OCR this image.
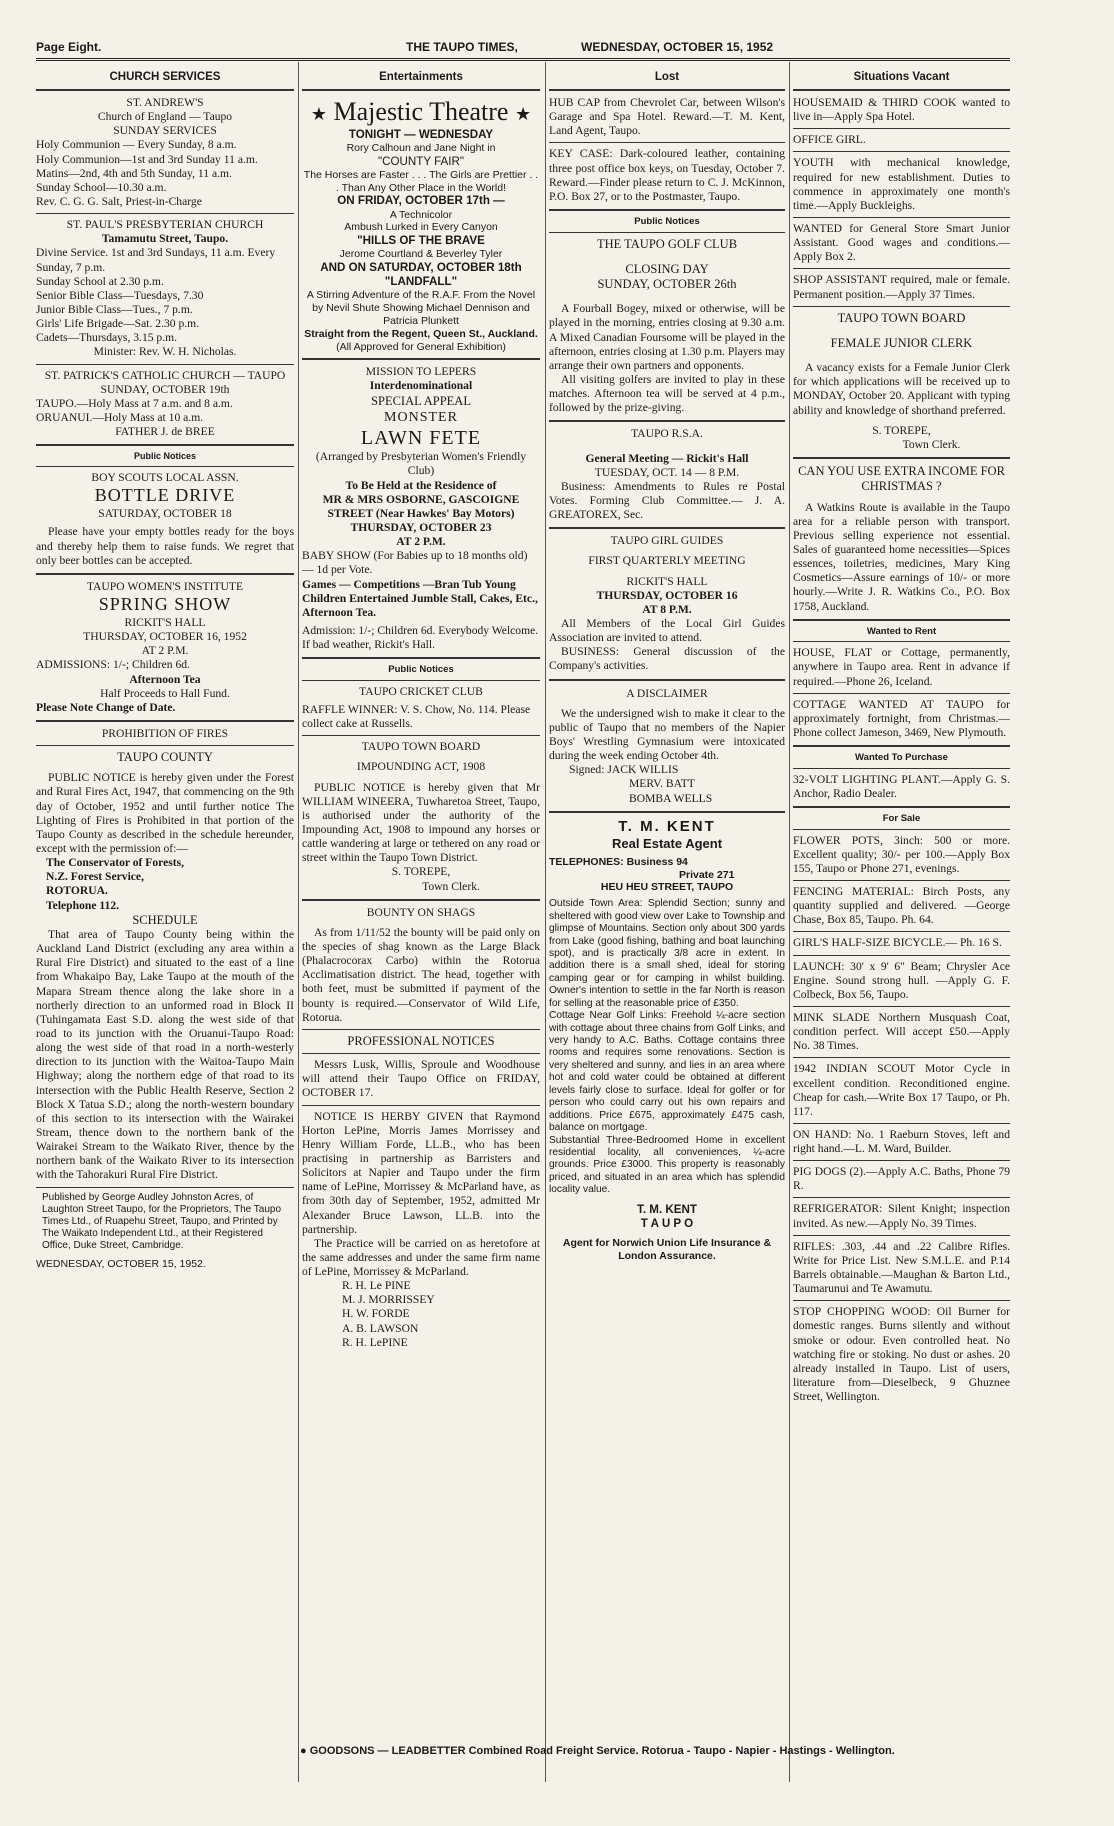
Page Eight.	THE TAUPO TIMES,	WEDNESDAY, OCTOBER 15, 1952
CHURCH SERVICES

ST. ANDREW'S

Church of England — Taupo

SUNDAY SERVICES

Holy Communion — Every Sunday, 8 a.m.

Holy Communion—1st and 3rd Sunday 11 a.m.

Matins—2nd, 4th and 5th Sunday, 11 a.m.

Sunday School—10.30 a.m.

Rev. C. G. G. Salt, Priest-in-Charge

ST. PAUL'S PRESBYTERIAN CHURCH

Tamamutu Street, Taupo.

Divine Service. 1st and 3rd Sundays, 11 a.m. Every Sunday, 7 p.m.

Sunday School at 2.30 p.m.

Senior Bible Class—Tuesdays, 7.30

Junior Bible Class—Tues., 7 p.m.

Girls' Life Brigade—Sat. 2.30 p.m.

Cadets—Thursdays, 3.15 p.m.

Minister: Rev. W. H. Nicholas.

ST. PATRICK'S CATHOLIC CHURCH — TAUPO

SUNDAY, OCTOBER 19th

TAUPO.—Holy Mass at 7 a.m. and 8 a.m.

ORUANUI.—Holy Mass at 10 a.m.

FATHER J. de BREE

Public Notices

BOY SCOUTS LOCAL ASSN.

BOTTLE DRIVE

SATURDAY, OCTOBER 18

Please have your empty bottles ready for the boys and thereby help them to raise funds. We regret that only beer bottles can be accepted.

TAUPO WOMEN'S INSTITUTE

SPRING SHOW

RICKIT'S HALL

THURSDAY, OCTOBER 16, 1952

AT 2 P.M.

ADMISSIONS: 1/-; Children 6d.

Afternoon Tea

Half Proceeds to Hall Fund.

Please Note Change of Date.

PROHIBITION OF FIRES

TAUPO COUNTY

PUBLIC NOTICE is hereby given under the Forest and Rural Fires Act, 1947, that commencing on the 9th day of October, 1952 and until further notice The Lighting of Fires is Prohibited in that portion of the Taupo County as described in the schedule hereunder, except with the permission of:—

The Conservator of Forests,

N.Z. Forest Service,

ROTORUA.

Telephone 112.

SCHEDULE

That area of Taupo County being within the Auckland Land District (excluding any area within a Rural Fire District) and situated to the east of a line from Whakaipo Bay, Lake Taupo at the mouth of the Mapara Stream thence along the lake shore in a northerly direction to an unformed road in Block II (Tuhingamata East S.D. along the west side of that road to its junction with the Oruanui-Taupo Road: along the west side of that road in a north-westerly direction to its junction with the Waitoa-Taupo Main Highway; along the northern edge of that road to its intersection with the Public Health Reserve, Section 2 Block X Tatua S.D.; along the north-western boundary of this section to its intersection with the Wairakei Stream, thence down to the northern bank of the Wairakei Stream to the Waikato River, thence by the northern bank of the Waikato River to its intersection with the Tahorakuri Rural Fire District.

Published by George Audley Johnston Acres, of Laughton Street Taupo, for the Proprietors, The Taupo Times Ltd., of Ruapehu Street, Taupo, and Printed by The Waikato Independent Ltd., at their Registered Office, Duke Street, Cambridge.

WEDNESDAY, OCTOBER 15, 1952.

Entertainments

★ Majestic Theatre ★

TONIGHT — WEDNESDAY

Rory Calhoun and Jane Night in

"COUNTY FAIR"

The Horses are Faster . . . The Girls are Prettier . . . Than Any Other Place in the World!

ON FRIDAY, OCTOBER 17th —

A Technicolor

Ambush Lurked in Every Canyon

"HILLS OF THE BRAVE

Jerome Courtland & Beverley Tyler

AND ON SATURDAY, OCTOBER 18th

"LANDFALL"

A Stirring Adventure of the R.A.F. From the Novel by Nevil Shute Showing Michael Dennison and Patricia Plunkett

Straight from the Regent, Queen St., Auckland.

(All Approved for General Exhibition)

MISSION TO LEPERS

Interdenominational

SPECIAL APPEAL

MONSTER

LAWN FETE

(Arranged by Presbyterian Women's Friendly Club)

To Be Held at the Residence of

MR & MRS OSBORNE, GASCOIGNE STREET (Near Hawkes' Bay Motors)

THURSDAY, OCTOBER 23

AT 2 P.M.

BABY SHOW (For Babies up to 18 months old) — 1d per Vote.

Games — Competitions —Bran Tub Young Children Entertained Jumble Stall, Cakes, Etc., Afternoon Tea.

Admission: 1/-; Children 6d. Everybody Welcome. If bad weather, Rickit's Hall.

Public Notices

TAUPO CRICKET CLUB

RAFFLE WINNER: V. S. Chow, No. 114. Please collect cake at Russells.

TAUPO TOWN BOARD

IMPOUNDING ACT, 1908

PUBLIC NOTICE is hereby given that Mr WILLIAM WINEERA, Tuwharetoa Street, Taupo, is authorised under the authority of the Impounding Act, 1908 to impound any horses or cattle wandering at large or tethered on any road or street within the Taupo Town District.

S. TOREPE,

Town Clerk.

BOUNTY ON SHAGS

As from 1/11/52 the bounty will be paid only on the species of shag known as the Large Black (Phalacrocorax Carbo) within the Rotorua Acclimatisation district. The head, together with both feet, must be submitted if payment of the bounty is required.—Conservator of Wild Life, Rotorua.

PROFESSIONAL NOTICES

Messrs Lusk, Willis, Sproule and Woodhouse will attend their Taupo Office on FRIDAY, OCTOBER 17.

NOTICE IS HERBY GIVEN that Raymond Horton LePine, Morris James Morrissey and Henry William Forde, LL.B., who has been practising in partnership as Barristers and Solicitors at Napier and Taupo under the firm name of LePine, Morrissey & McParland have, as from 30th day of September, 1952, admitted Mr Alexander Bruce Lawson, LL.B. into the partnership.

The Practice will be carried on as heretofore at the same addresses and under the same firm name of LePine, Morrissey & McParland.

R. H. Le PINE

M. J. MORRISSEY

H. W. FORDE

A. B. LAWSON

R. H. LePINE

Lost

HUB CAP from Chevrolet Car, between Wilson's Garage and Spa Hotel. Reward.—T. M. Kent, Land Agent, Taupo.

KEY CASE: Dark-coloured leather, containing three post office box keys, on Tuesday, October 7. Reward.—Finder please return to C. J. McKinnon, P.O. Box 27, or to the Postmaster, Taupo.

Public Notices

THE TAUPO GOLF CLUB

CLOSING DAY

SUNDAY, OCTOBER 26th

A Fourball Bogey, mixed or otherwise, will be played in the morning, entries closing at 9.30 a.m. A Mixed Canadian Foursome will be played in the afternoon, entries closing at 1.30 p.m. Players may arrange their own partners and opponents.

All visiting golfers are invited to play in these matches. Afternoon tea will be served at 4 p.m., followed by the prize-giving.

TAUPO R.S.A.

General Meeting — Rickit's Hall

TUESDAY, OCT. 14 — 8 P.M.

Business: Amendments to Rules re Postal Votes. Forming Club Committee.— J. A. GREATOREX, Sec.

TAUPO GIRL GUIDES

FIRST QUARTERLY MEETING

RICKIT'S HALL

THURSDAY, OCTOBER 16

AT 8 P.M.

All Members of the Local Girl Guides Association are invited to attend.

BUSINESS: General discussion of the Company's activities.

A DISCLAIMER

We the undersigned wish to make it clear to the public of Taupo that no members of the Napier Boys' Wrestling Gymnasium were intoxicated during the week ending October 4th.

Signed: JACK WILLIS

MERV. BATT

BOMBA WELLS

T. M. KENT

Real Estate Agent

TELEPHONES: Business 94

Private 271

HEU HEU STREET, TAUPO

Outside Town Area: Splendid Section; sunny and sheltered with good view over Lake to Township and glimpse of Mountains. Section only about 300 yards from Lake (good fishing, bathing and boat launching spot), and is practically 3/8 acre in extent. In addition there is a small shed, ideal for storing camping gear or for camping in whilst building. Owner's intention to settle in the far North is reason for selling at the reasonable price of £350.

Cottage Near Golf Links: Freehold ¼-acre section with cottage about three chains from Golf Links, and very handy to A.C. Baths. Cottage contains three rooms and requires some renovations. Section is very sheltered and sunny, and lies in an area where hot and cold water could be obtained at different levels fairly close to surface. Ideal for golfer or for person who could carry out his own repairs and additions. Price £675, approximately £475 cash, balance on mortgage.

Substantial Three-Bedroomed Home in excellent residential locality, all conveniences, ¼-acre grounds. Price £3000. This property is reasonably priced, and situated in an area which has splendid locality value.

T. M. KENT

T A U P O

Agent for Norwich Union Life Insurance & London Assurance.

Situations Vacant

HOUSEMAID & THIRD COOK wanted to live in—Apply Spa Hotel.

OFFICE GIRL.

YOUTH with mechanical knowledge, required for new establishment. Duties to commence in approximately one month's time.—Apply Buckleighs.

WANTED for General Store Smart Junior Assistant. Good wages and conditions.—Apply Box 2.

SHOP ASSISTANT required, male or female. Permanent position.—Apply 37 Times.

TAUPO TOWN BOARD

FEMALE JUNIOR CLERK

A vacancy exists for a Female Junior Clerk for which applications will be received up to MONDAY, October 20. Applicant with typing ability and knowledge of shorthand preferred.

S. TOREPE,

Town Clerk.

CAN YOU USE EXTRA INCOME FOR CHRISTMAS ?

A Watkins Route is available in the Taupo area for a reliable person with transport. Previous selling experience not essential. Sales of guaranteed home necessities—Spices essences, toiletries, medicines, Mary King Cosmetics—Assure earnings of 10/- or more hourly.—Write J. R. Watkins Co., P.O. Box 1758, Auckland.

Wanted to Rent

HOUSE, FLAT or Cottage, permanently, anywhere in Taupo area. Rent in advance if required.—Phone 26, Iceland.

COTTAGE WANTED AT TAUPO for approximately fortnight, from Christmas.—Phone collect Jameson, 3469, New Plymouth.

Wanted To Purchase

32-VOLT LIGHTING PLANT.—Apply G. S. Anchor, Radio Dealer.

For Sale

FLOWER POTS, 3inch: 500 or more. Excellent quality; 30/- per 100.—Apply Box 155, Taupo or Phone 271, evenings.

FENCING MATERIAL: Birch Posts, any quantity supplied and delivered. —George Chase, Box 85, Taupo. Ph. 64.

GIRL'S HALF-SIZE BICYCLE.— Ph. 16 S.

LAUNCH: 30' x 9' 6" Beam; Chrysler Ace Engine. Sound strong hull. —Apply G. F. Colbeck, Box 56, Taupo.

MINK SLADE Northern Musquash Coat, condition perfect. Will accept £50.—Apply No. 38 Times.

1942 INDIAN SCOUT Motor Cycle in excellent condition. Reconditioned engine. Cheap for cash.—Write Box 17 Taupo, or Ph. 117.

ON HAND: No. 1 Raeburn Stoves, left and right hand.—L. M. Ward, Builder.

PIG DOGS (2).—Apply A.C. Baths, Phone 79 R.

REFRIGERATOR: Silent Knight; inspection invited. As new.—Apply No. 39 Times.

RIFLES: .303, .44 and .22 Calibre Rifles. Write for Price List. New S.M.L.E. and P.14 Barrels obtainable.—Maughan & Barton Ltd., Taumarunui and Te Awamutu.

STOP CHOPPING WOOD: Oil Burner for domestic ranges. Burns silently and without smoke or odour. Even controlled heat. No watching fire or stoking. No dust or ashes. 20 already installed in Taupo. List of users, literature from—Dieselbeck, 9 Ghuznee Street, Wellington.

● GOODSONS — LEADBETTER Combined Road Freight Service. Rotorua - Taupo - Napier - Hastings - Wellington.
